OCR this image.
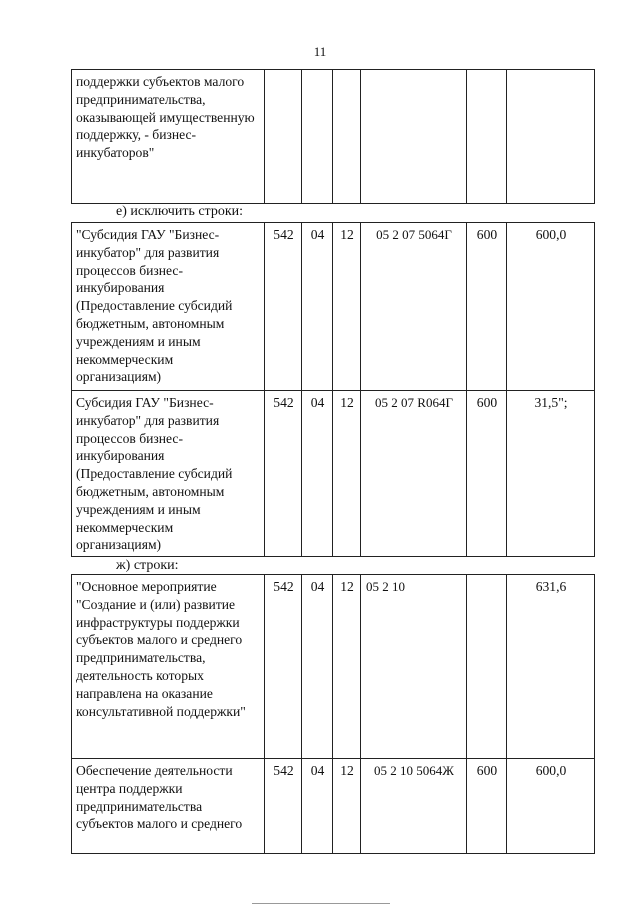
11
поддержки субъектов малого предпринимательства, оказывающей имущественную поддержку, - бизнес-инкубаторов"						
е) исключить строки:
"Субсидия ГАУ "Бизнес-инкубатор" для развития процессов бизнес-инкубирования (Предоставление субсидий бюджетным, автономным учреждениям и иным некоммерческим организациям)	542	04	12	05 2 07 5064Г	600	600,0
Субсидия ГАУ "Бизнес-инкубатор" для развития процессов бизнес-инкубирования (Предоставление субсидий бюджетным, автономным учреждениям и иным некоммерческим организациям)	542	04	12	05 2 07 R064Г	600	31,5";
ж) строки:
"Основное мероприятие "Создание и (или) развитие инфраструктуры поддержки субъектов малого и среднего предпринимательства, деятельность которых направлена на оказание консультативной поддержки"	542	04	12	05 2 10		631,6
Обеспечение деятельности центра поддержки предпринимательства субъектов малого и среднего	542	04	12	05 2 10 5064Ж	600	600,0
